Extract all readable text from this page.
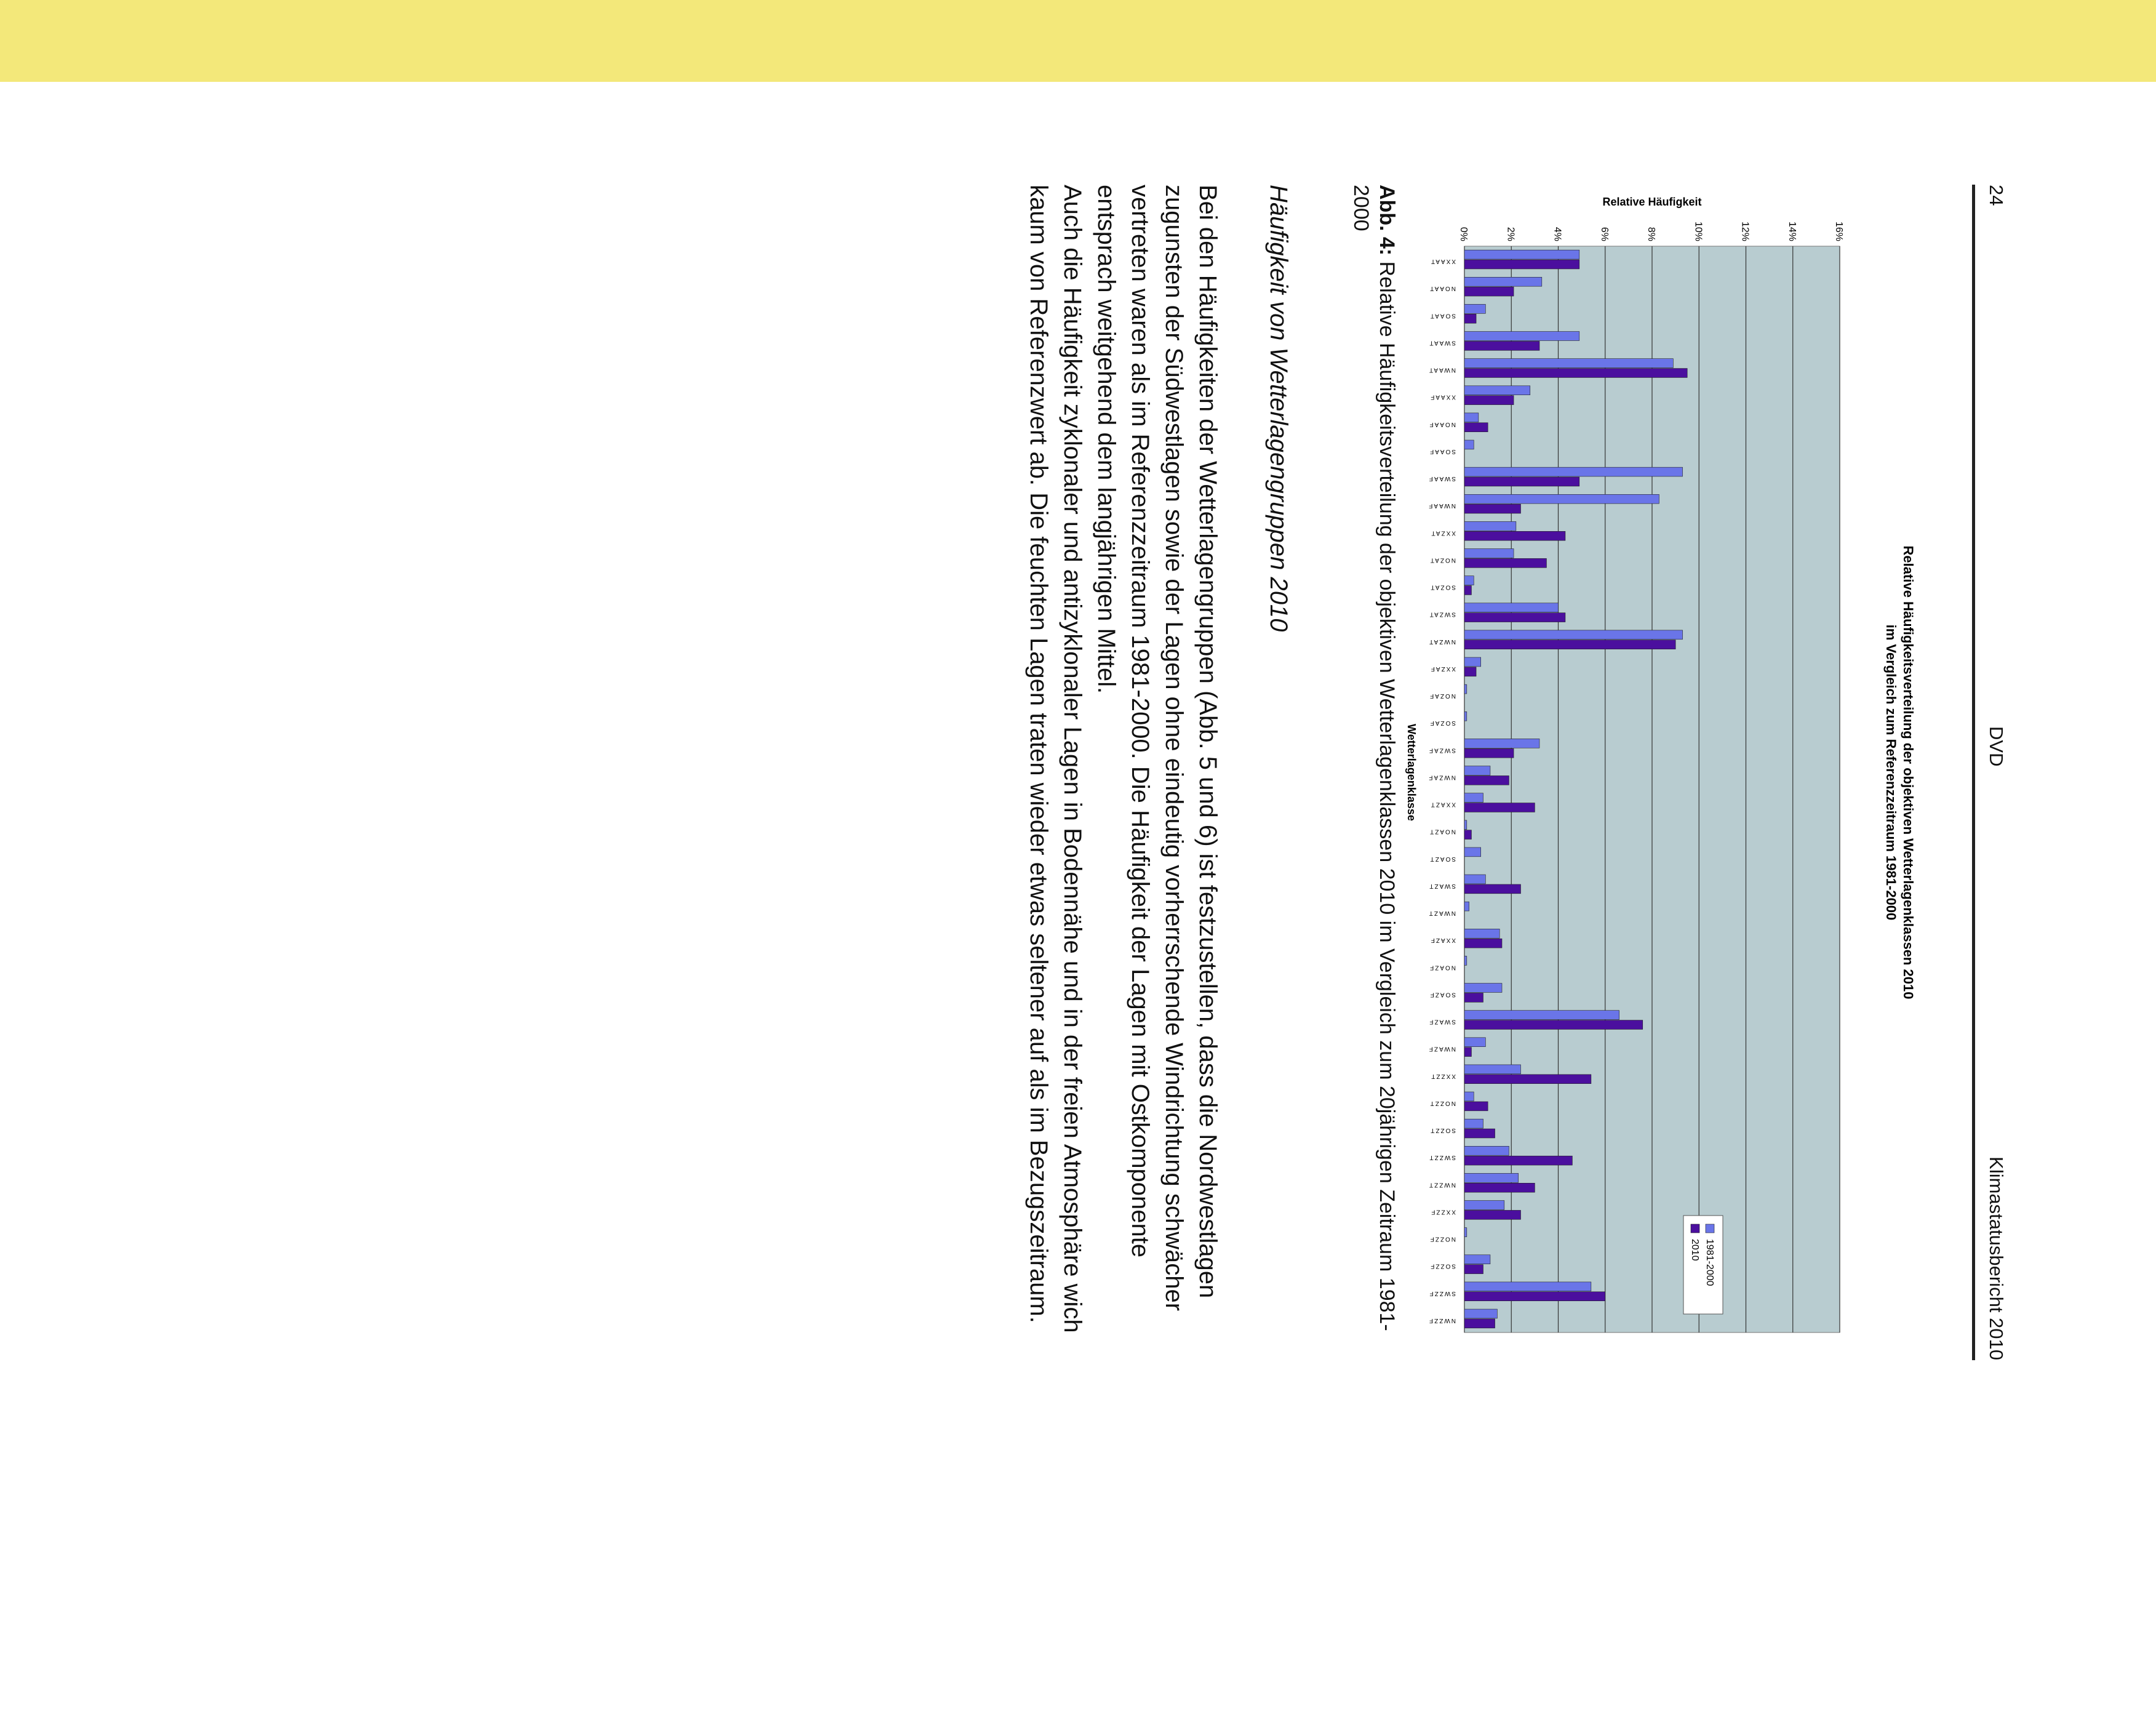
24
DVD
Klimastatusbericht 2010
Relative Häufigkeitsverteilung der objektiven Wetterlagenklassen 2010
im Vergleich zum Referenzzeitraum 1981-2000
Relative Häufigkeit
0%	2%	4%	6%	8%	10%	12%	14%	16%
XXAAT
NOAAT
SOAAT
SWAAT
NWAAT
XXAAF
NOAAF
SOAAF
SWAAF
NWAAF
XXZAT
NOZAT
SOZAT
SWZAT
NWZAT
XXZAF
NOZAF
SOZAF
SWZAF
NWZAF
XXAZT
NOAZT
SOAZT
SWAZT
NWAZT
XXAZF
NOAZF
SOAZF
SWAZF
NWAZF
XXZZT
NOZZT
SOZZT
SWZZT
NWZZT
XXZZF
NOZZF
SOZZF
SWZZF
NWZZF
Wetterlagenklasse
1981-2000
2010
Abb. 4: Relative Häufigkeitsverteilung der objektiven Wetterlagenklassen 2010 im Vergleich zum 20jährigen Zeitraum 1981-2000
Häufigkeit von Wetterlagengruppen 2010

Bei den Häufigkeiten der Wetterlagengruppen (Abb. 5 und 6) ist festzustellen, dass die Nordwestlagen zugunsten der Südwestlagen sowie der Lagen ohne eindeutig vorherrschende Windrichtung schwächer vertreten waren als im Referenzzeitraum 1981-2000. Die Häufigkeit der Lagen mit Ostkomponente entsprach weitgehend dem langjährigen Mittel.

Auch die Häufigkeit zyklonaler und antizyklonaler Lagen in Bodennähe und in der freien Atmosphäre wich kaum von Referenzwert ab. Die feuchten Lagen traten wieder etwas seltener auf als im Bezugszeitraum.
